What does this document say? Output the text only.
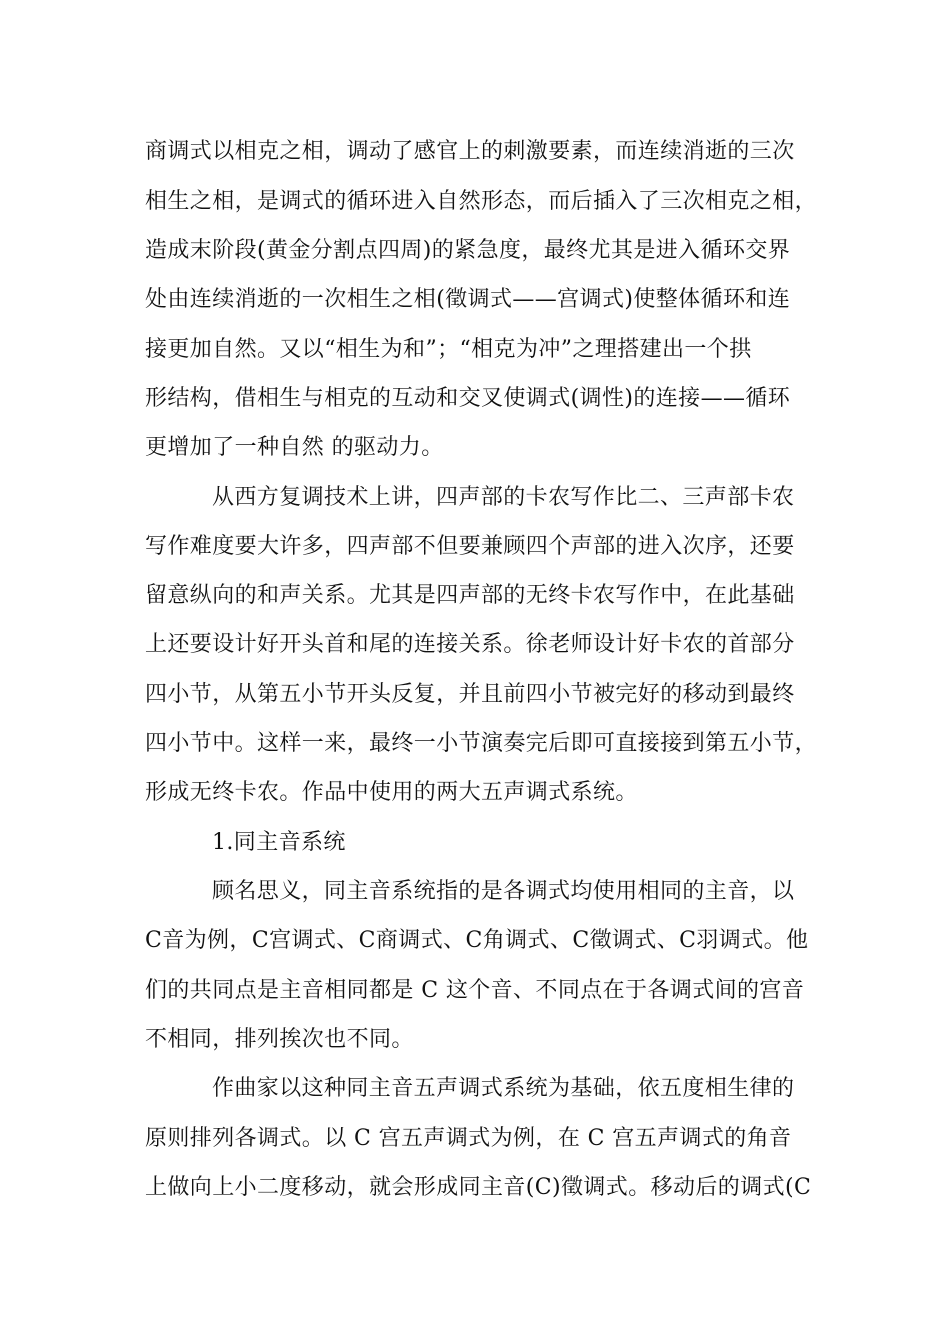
商调式以相克之相，调动了感官上的刺激要素，而连续消逝的三次
相生之相，是调式的循环进入自然形态，而后插入了三次相克之相，
造成末阶段(黄金分割点四周)的紧急度，最终尤其是进入循环交界
处由连续消逝的一次相生之相(徵调式——宫调式)使整体循环和连
接更加自然。又以“相生为和”；“相克为冲”之理搭建出一个拱
形结构，借相生与相克的互动和交叉使调式(调性)的连接——循环
更增加了一种自然 的驱动力。
从西方复调技术上讲，四声部的卡农写作比二、三声部卡农
写作难度要大许多，四声部不但要兼顾四个声部的进入次序，还要
留意纵向的和声关系。尤其是四声部的无终卡农写作中，在此基础
上还要设计好开头首和尾的连接关系。徐老师设计好卡农的首部分
四小节，从第五小节开头反复，并且前四小节被完好的移动到最终
四小节中。这样一来，最终一小节演奏完后即可直接接到第五小节，
形成无终卡农。作品中使用的两大五声调式系统。
1.同主音系统
顾名思义，同主音系统指的是各调式均使用相同的主音，以
C音为例，C宫调式、C商调式、C角调式、C徵调式、C羽调式。他
们的共同点是主音相同都是 C 这个音、不同点在于各调式间的宫音
不相同，排列挨次也不同。
作曲家以这种同主音五声调式系统为基础，依五度相生律的
原则排列各调式。以 C 宫五声调式为例，在 C 宫五声调式的角音
上做向上小二度移动，就会形成同主音(C)徵调式。移动后的调式(C
